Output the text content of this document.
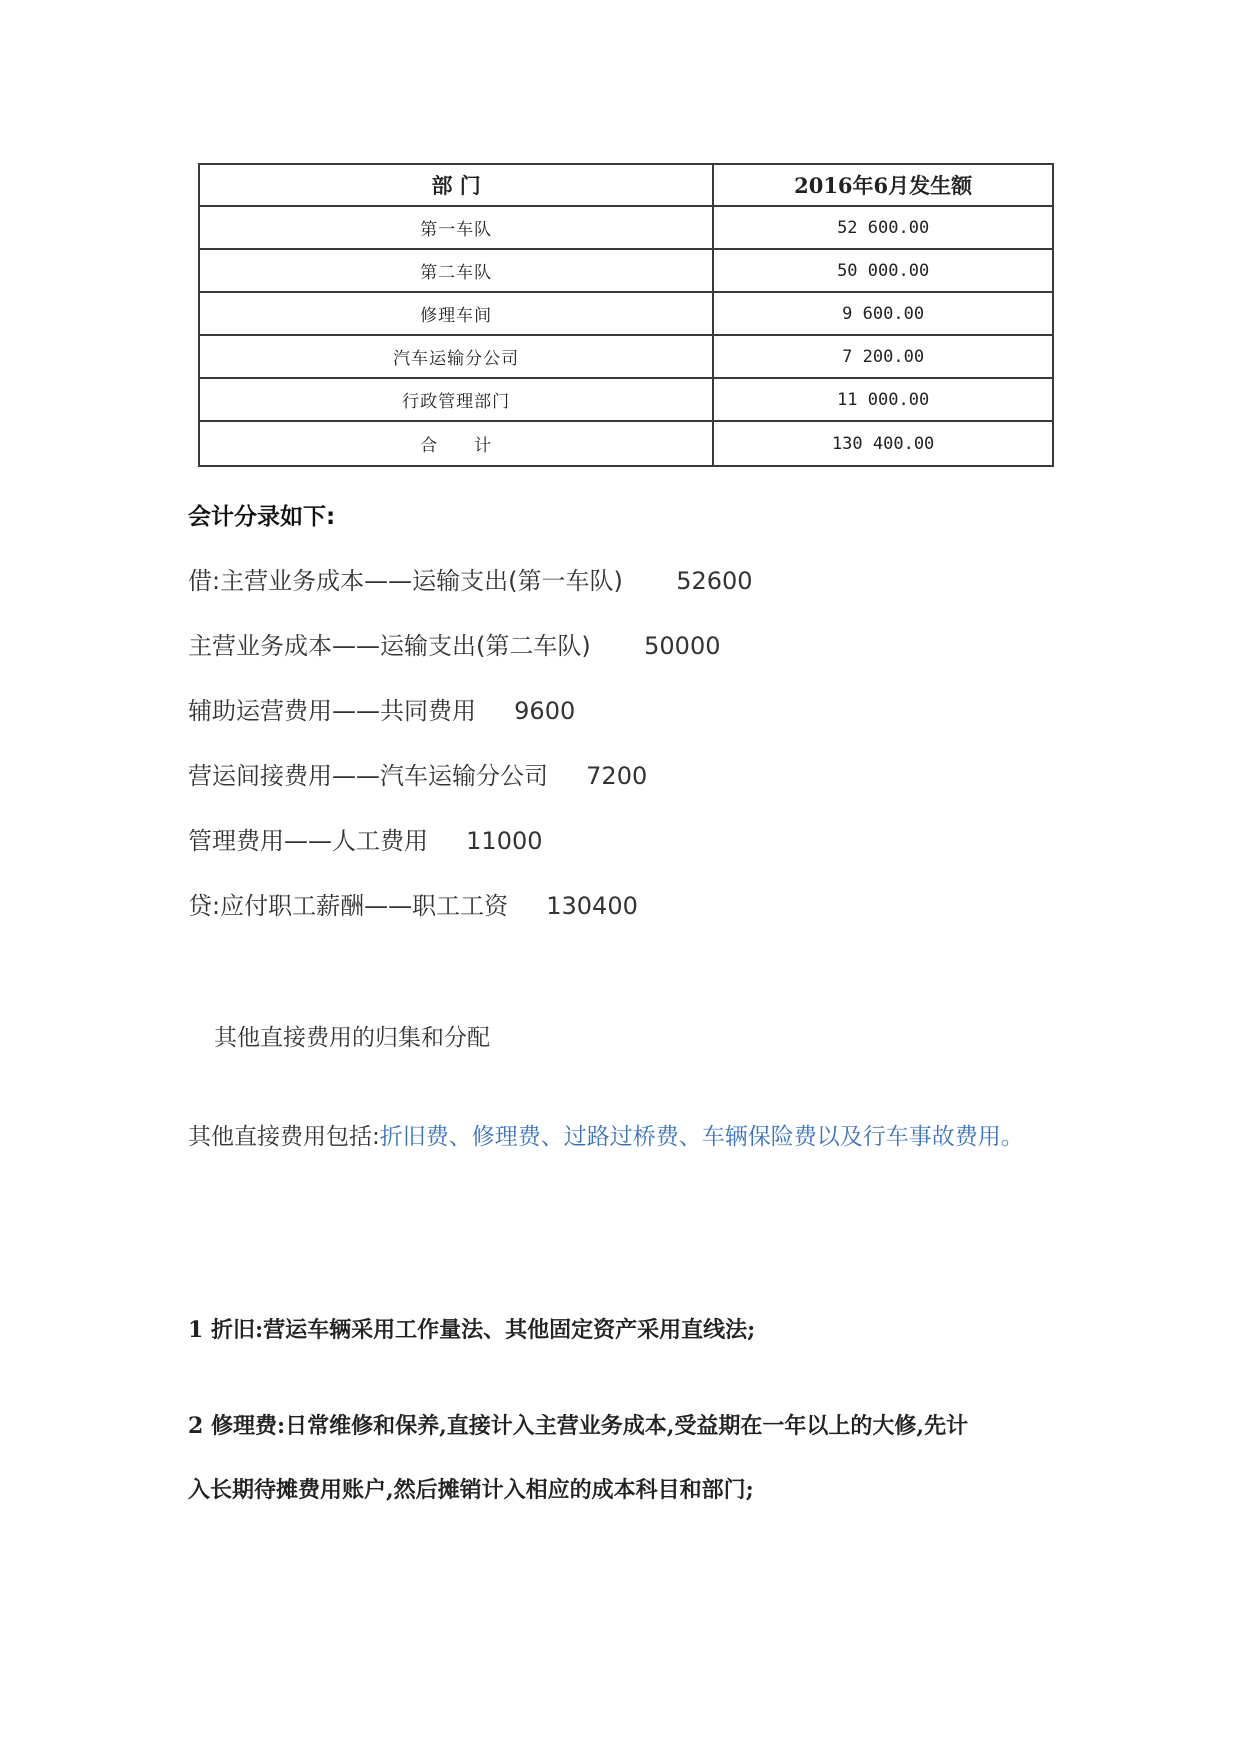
部 门	2016年6月发生额
第一车队	52 600.00
第二车队	50 000.00
修理车间	9 600.00
汽车运输分公司	7 200.00
行政管理部门	11 000.00
合　　计	130 400.00
会计分录如下:
借:主营业务成本——运输支出(第一车队) 52600
主营业务成本——运输支出(第二车队) 50000
辅助运营费用——共同费用 9600
营运间接费用——汽车运输分公司 7200
管理费用——人工费用 11000
贷:应付职工薪酬——职工工资 130400
其他直接费用的归集和分配
其他直接费用包括:折旧费、修理费、过路过桥费、车辆保险费以及行车事故费用。
1 折旧:营运车辆采用工作量法、其他固定资产采用直线法;
2 修理费:日常维修和保养,直接计入主营业务成本,受益期在一年以上的大修,先计
入长期待摊费用账户,然后摊销计入相应的成本科目和部门;
